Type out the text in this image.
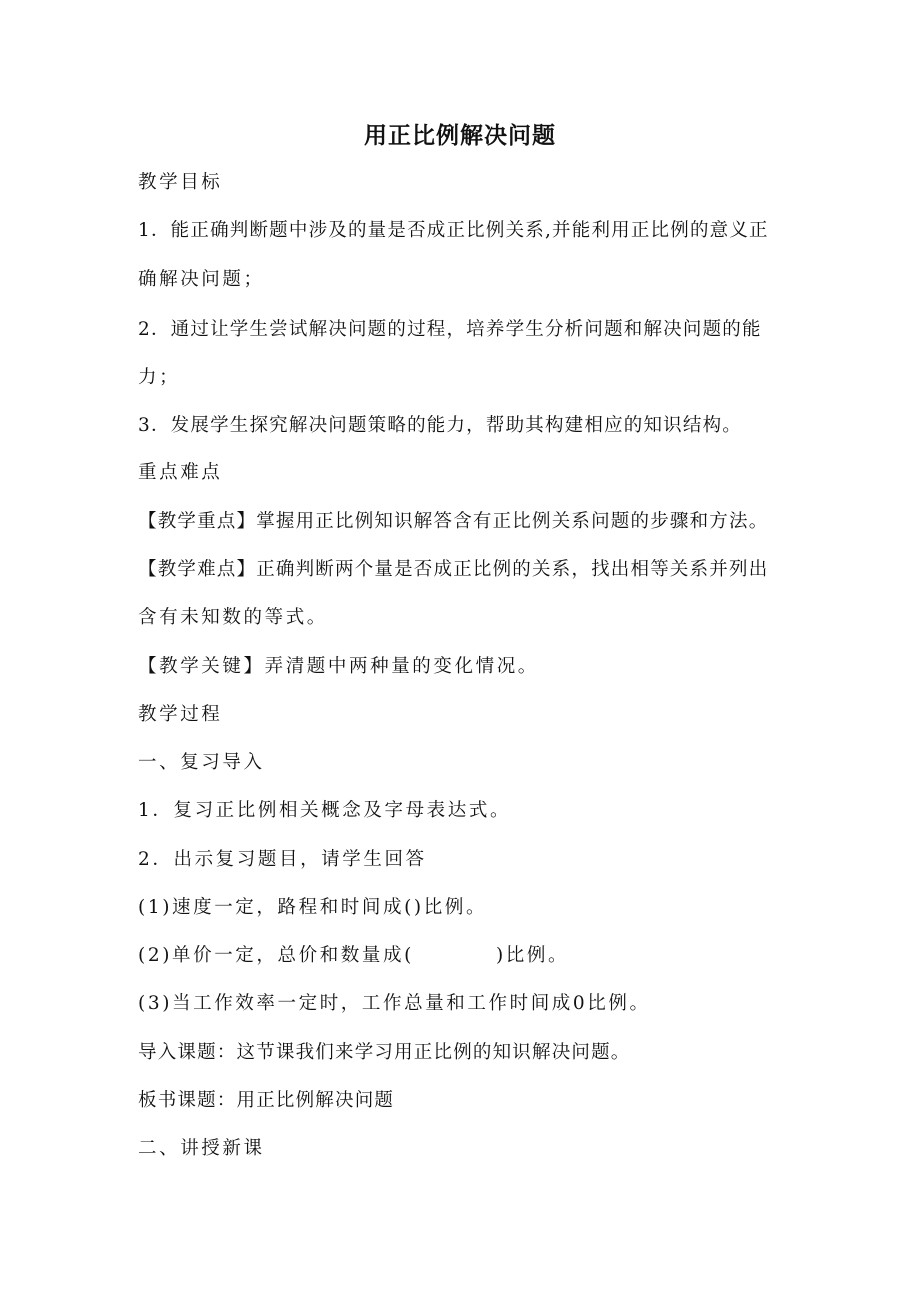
用正比例解决问题
教学目标
1．能正确判断题中涉及的量是否成正比例关系,并能利用正比例的意义正
确解决问题；
2．通过让学生尝试解决问题的过程，培养学生分析问题和解决问题的能
力；
3．发展学生探究解决问题策略的能力，帮助其构建相应的知识结构。
重点难点
【教学重点】掌握用正比例知识解答含有正比例关系问题的步骤和方法。
【教学难点】正确判断两个量是否成正比例的关系，找出相等关系并列出
含有未知数的等式。
【教学关键】弄清题中两种量的变化情况。
教学过程
一、复习导入
1．复习正比例相关概念及字母表达式。
2．出示复习题目，请学生回答
(1)速度一定，路程和时间成()比例。
(2)单价一定，总价和数量成(	)比例。
(3)当工作效率一定时，工作总量和工作时间成0比例。
导入课题：这节课我们来学习用正比例的知识解决问题。
板书课题：用正比例解决问题
二、讲授新课
